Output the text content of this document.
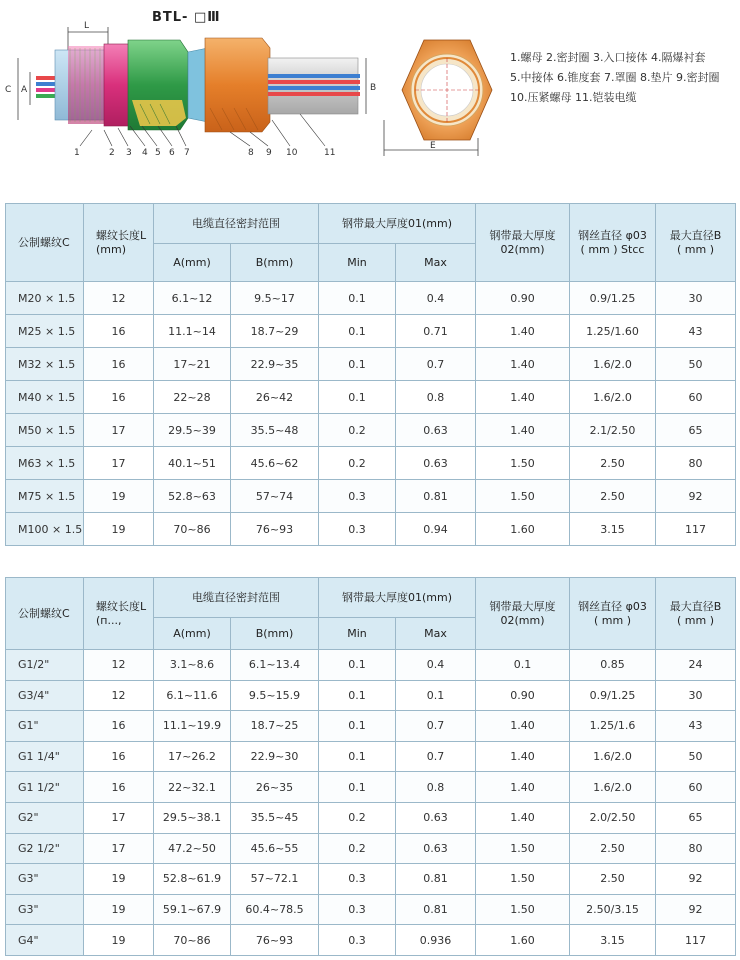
BTL- □Ⅲ
L
C A	B
1	2 3 4 5 6 7	8 9 10	11
E
1.螺母 2.密封圈 3.入口接体 4.隔爆衬套
5.中接体 6.锥度套 7.罩圈 8.垫片 9.密封圈
10.压紧螺母 11.铠装电缆
公制螺纹C	螺纹长度L (mm)	电缆直径密封范围		钢带最大厚度01(mm)		钢带最大厚度
02(mm)	钢丝直径 φ03
( mm ) Stcc	最大直径B
( mm )
		A(mm)	B(mm)	Min	Max			
M20 × 1.5	12	6.1~12	9.5~17	0.1	0.4	0.90	0.9/1.25	30
M25 × 1.5	16	11.1~14	18.7~29	0.1	0.71	1.40	1.25/1.60	43
M32 × 1.5	16	17~21	22.9~35	0.1	0.7	1.40	1.6/2.0	50
M40 × 1.5	16	22~28	26~42	0.1	0.8	1.40	1.6/2.0	60
M50 × 1.5	17	29.5~39	35.5~48	0.2	0.63	1.40	2.1/2.50	65
M63 × 1.5	17	40.1~51	45.6~62	0.2	0.63	1.50	2.50	80
M75 × 1.5	19	52.8~63	57~74	0.3	0.81	1.50	2.50	92
M100 × 1.5	19	70~86	76~93	0.3	0.94	1.60	3.15	117
公制螺纹C	螺纹长度L (п...,	电缆直径密封范围		钢带最大厚度01(mm)		钢带最大厚度
02(mm)	钢丝直径 φ03
( mm )	最大直径B
( mm )
		A(mm)	B(mm)	Min	Max			
G1/2"	12	3.1~8.6	6.1~13.4	0.1	0.4	0.1	0.85	24
G3/4"	12	6.1~11.6	9.5~15.9	0.1	0.1	0.90	0.9/1.25	30
G1"	16	11.1~19.9	18.7~25	0.1	0.7	1.40	1.25/1.6	43
G1 1/4"	16	17~26.2	22.9~30	0.1	0.7	1.40	1.6/2.0	50
G1 1/2"	16	22~32.1	26~35	0.1	0.8	1.40	1.6/2.0	60
G2"	17	29.5~38.1	35.5~45	0.2	0.63	1.40	2.0/2.50	65
G2 1/2"	17	47.2~50	45.6~55	0.2	0.63	1.50	2.50	80
G3"	19	52.8~61.9	57~72.1	0.3	0.81	1.50	2.50	92
G3"	19	59.1~67.9	60.4~78.5	0.3	0.81	1.50	2.50/3.15	92
G4"	19	70~86	76~93	0.3	0.936	1.60	3.15	117
